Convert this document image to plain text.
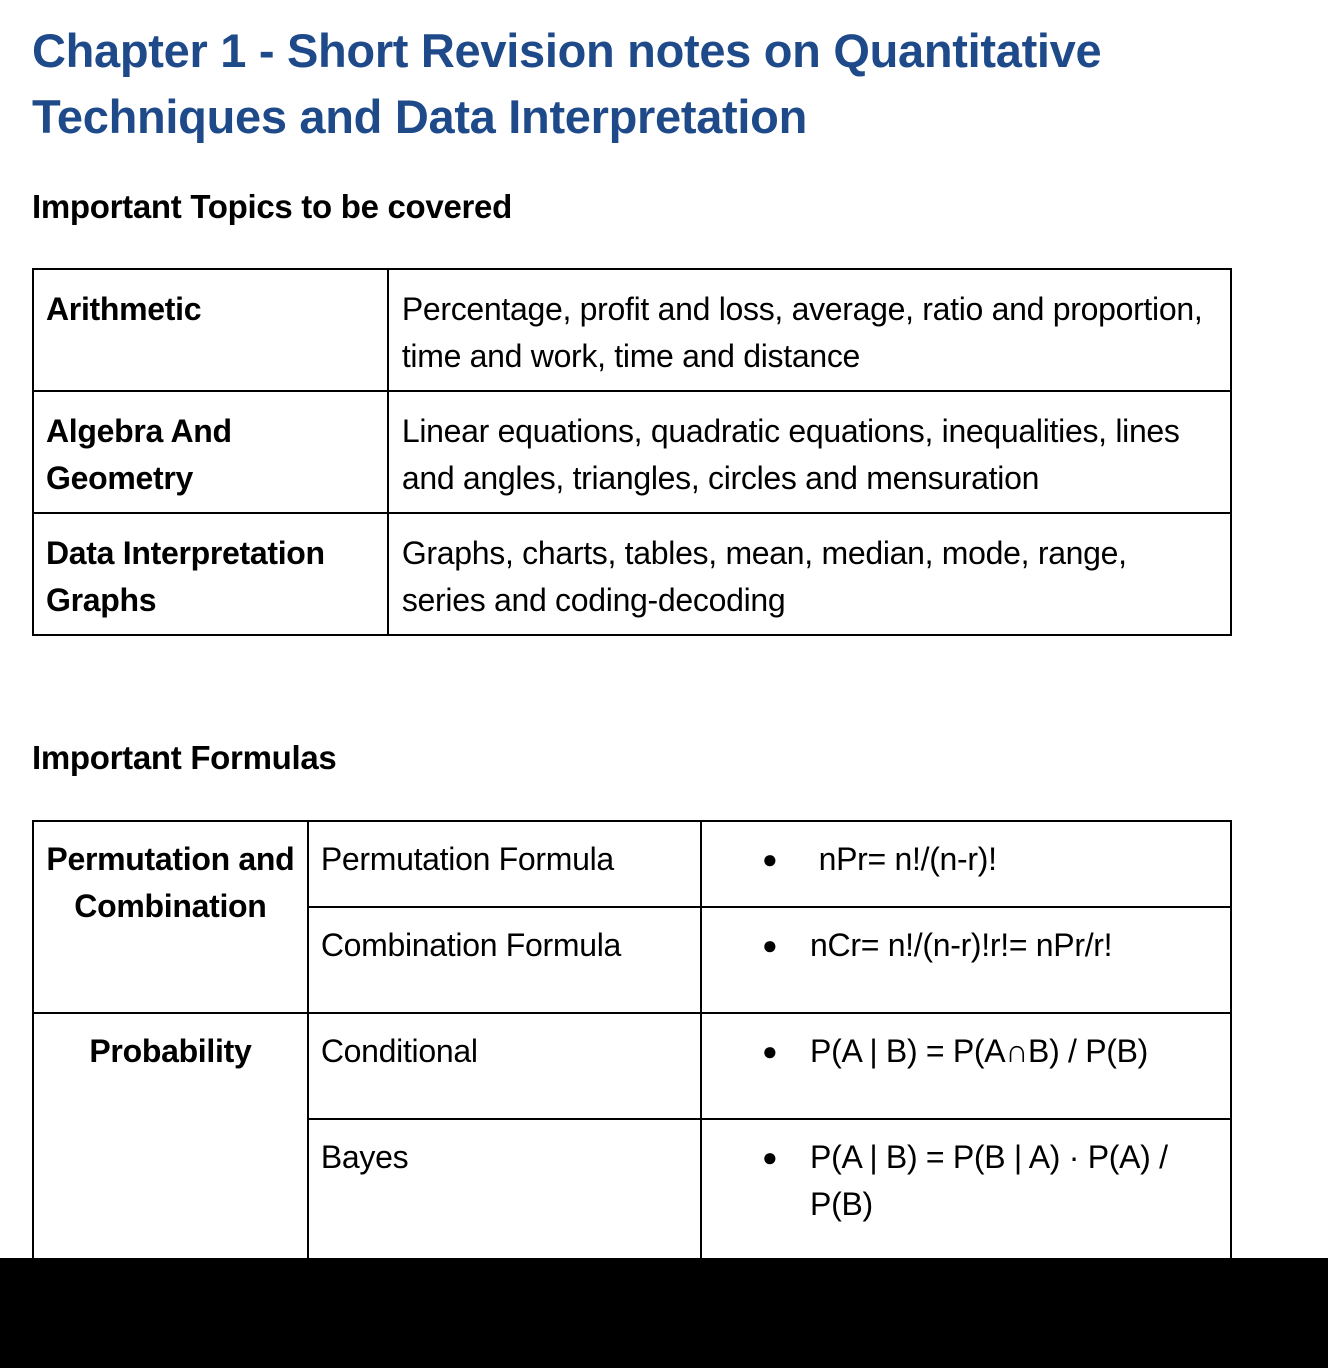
Chapter 1 - Short Revision notes on Quantitative Techniques and Data Interpretation
Important Topics to be covered
Arithmetic	Percentage, profit and loss, average, ratio and proportion, time and work, time and distance
Algebra And Geometry	Linear equations, quadratic equations, inequalities, lines and angles, triangles, circles and mensuration
Data Interpretation Graphs	Graphs, charts, tables, mean, median, mode, range, series and coding-decoding
Important Formulas
Permutation and Combination	Permutation Formula	● nPr= n!/(n-r)!

	Combination Formula	● nCr= n!/(n-r)!r!= nPr/r!

Probability	Conditional	● P(A | B) = P(A∩B) / P(B)

	Bayes	● P(A | B) = P(B | A) · P(A) / P(B)
